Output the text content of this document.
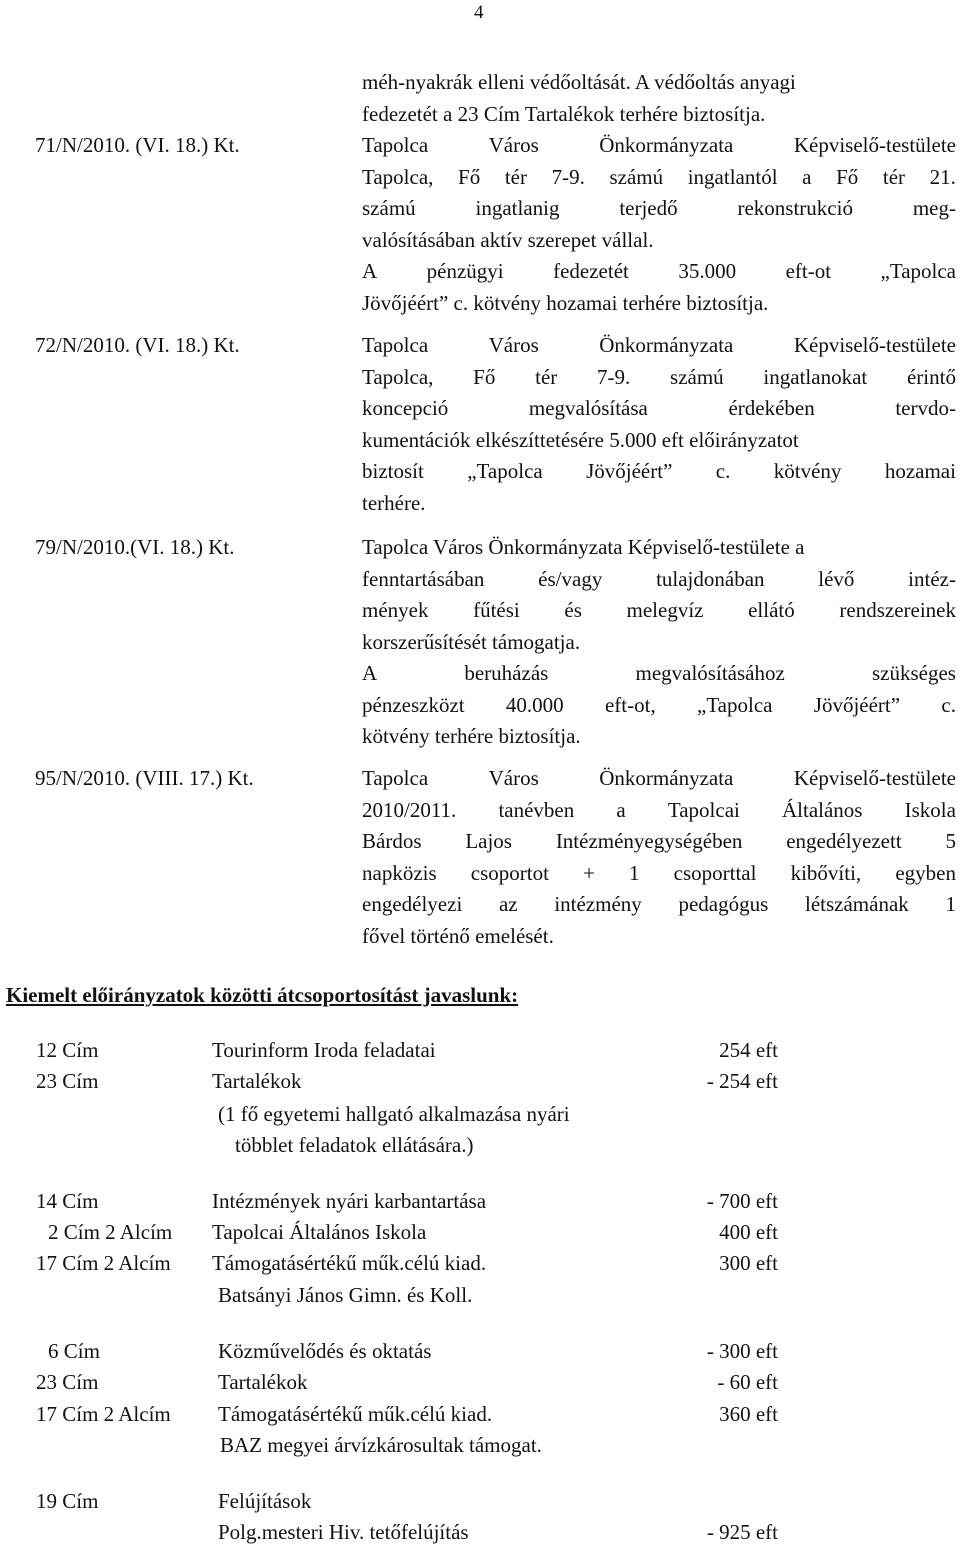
4
méh-nyakrák elleni védőoltását. A védőoltás anyagi
fedezetét a 23 Cím Tartalékok terhére biztosítja.
71/N/2010. (VI. 18.) Kt.	Tapolca	Város	Önkormányzata	Képviselő-testülete
Tapolca, Fő tér 7-9. számú ingatlantól a Fő tér 21.
számú	ingatlanig	terjedő	rekonstrukció	meg-
valósításában aktív szerepet vállal.
A pénzügyi fedezetét 35.000 eft-ot „Tapolca
Jövőjéért” c. kötvény hozamai terhére biztosítja.
72/N/2010. (VI. 18.) Kt.	Tapolca	Város	Önkormányzata	Képviselő-testülete
Tapolca, Fő tér 7-9. számú ingatlanokat érintő
koncepció	megvalósítása	érdekében	tervdo-
kumentációk elkészíttetésére 5.000 eft előirányzatot
biztosít „Tapolca Jövőjéért” c. kötvény hozamai
terhére.
79/N/2010.(VI. 18.) Kt.	Tapolca Város Önkormányzata Képviselő-testülete a
fenntartásában	és/vagy	tulajdonában	lévő	intéz-
mények fűtési és melegvíz ellátó rendszereinek
korszerűsítését támogatja.
A	beruházás	megvalósításához	szükséges
pénzeszközt 40.000 eft-ot, „Tapolca Jövőjéért” c.
kötvény terhére biztosítja.
95/N/2010. (VIII. 17.) Kt.	Tapolca	Város	Önkormányzata	Képviselő-testülete
2010/2011. tanévben a Tapolcai Általános Iskola
Bárdos Lajos Intézményegységében engedélyezett 5
napközis csoportot + 1 csoporttal kibővíti, egyben
engedélyezi az intézmény pedagógus létszámának 1
fővel történő emelését.
Kiemelt előirányzatok közötti átcsoportosítást javaslunk:
12 Cím	Tourinform Iroda feladatai	254 eft
23 Cím	Tartalékok	- 254 eft
(1 fő egyetemi hallgató alkalmazása nyári
többlet feladatok ellátására.)
14 Cím	Intézmények nyári karbantartása	- 700 eft
2 Cím 2 Alcím Tapolcai Általános Iskola	400 eft
17 Cím 2 Alcím Támogatásértékű műk.célú kiad.	300 eft
Batsányi János Gimn. és Koll.
6 Cím	Közművelődés és oktatás	- 300 eft
23 Cím	Tartalékok	- 60 eft
17 Cím 2 Alcím Támogatásértékű műk.célú kiad.	360 eft
BAZ megyei árvízkárosultak támogat.
19 Cím	Felújítások
Polg.mesteri Hiv. tetőfelújítás	- 925 eft
